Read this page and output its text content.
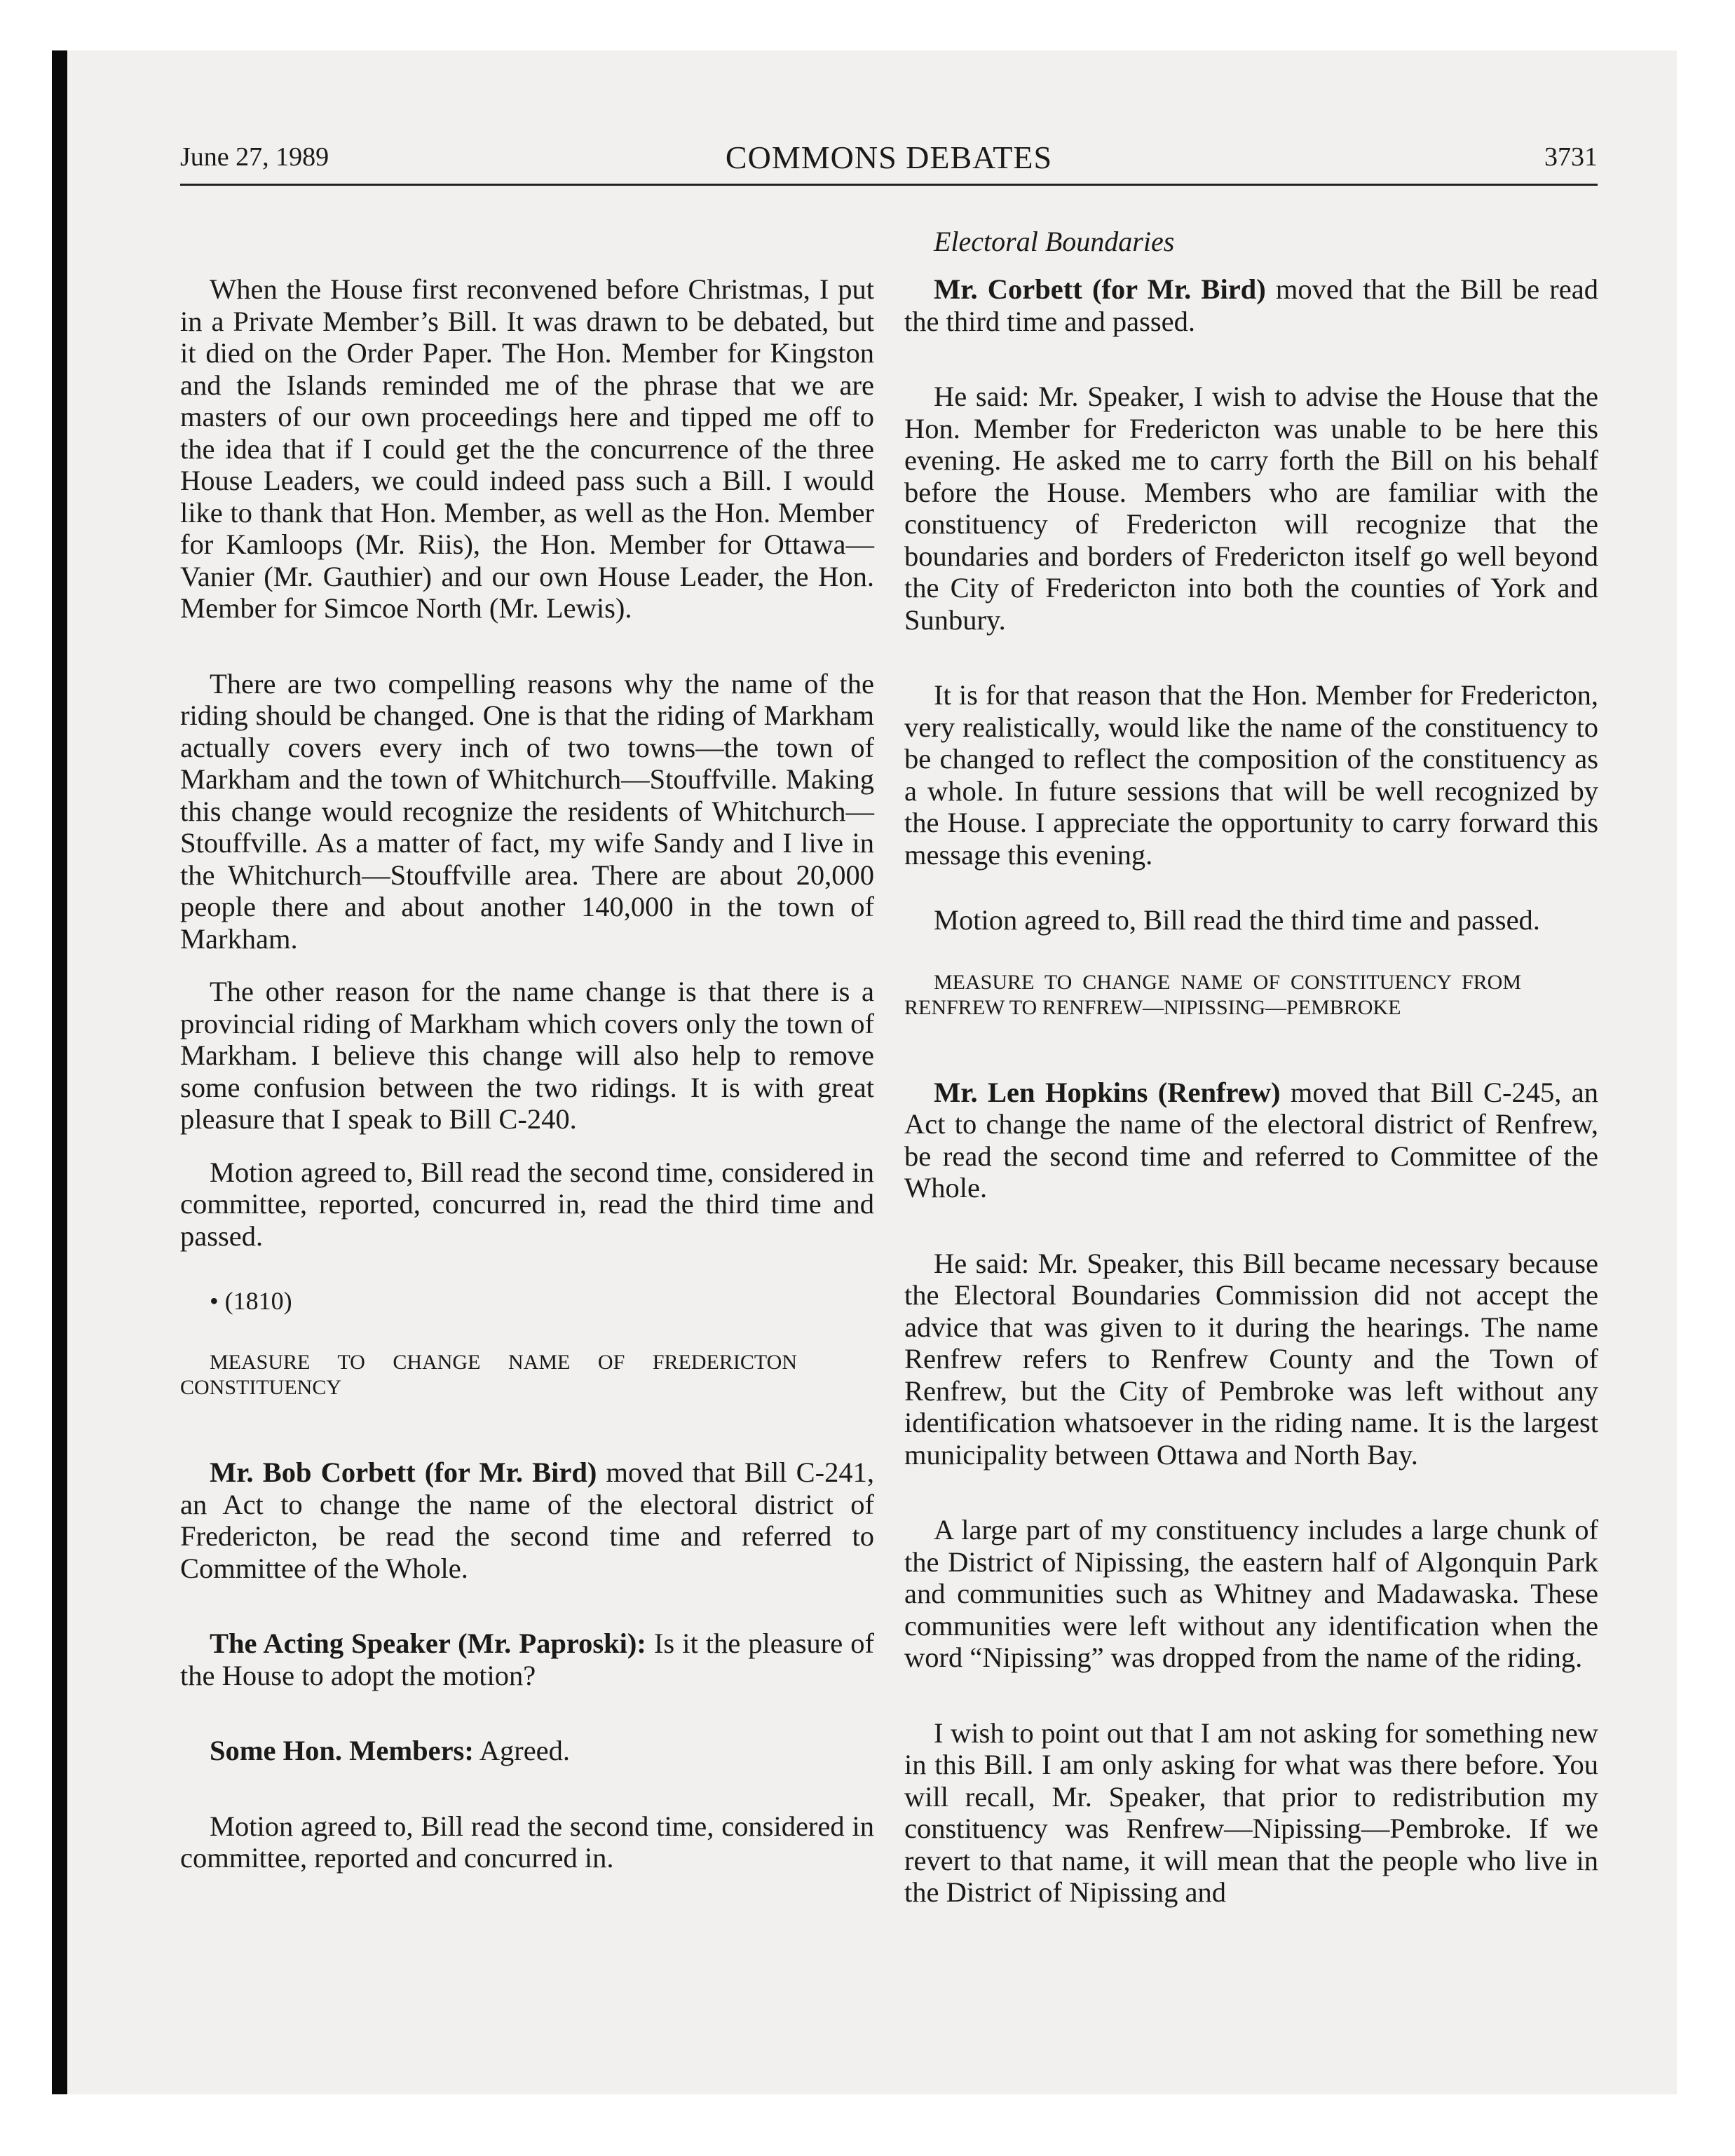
June 27, 1989	COMMONS DEBATES	3731

When the House first reconvened before Christmas, I put in a Private Member’s Bill. It was drawn to be debated, but it died on the Order Paper. The Hon. Member for Kingston and the Islands reminded me of the phrase that we are masters of our own proceedings here and tipped me off to the idea that if I could get the the concurrence of the three House Leaders, we could indeed pass such a Bill. I would like to thank that Hon. Member, as well as the Hon. Member for Kamloops (Mr. Riis), the Hon. Member for Ottawa—Vanier (Mr. Gauthier) and our own House Leader, the Hon. Member for Simcoe North (Mr. Lewis).

There are two compelling reasons why the name of the riding should be changed. One is that the riding of Markham actually covers every inch of two towns—the town of Markham and the town of Whitchurch—Stouffville. Making this change would recognize the residents of Whitchurch—Stouffville. As a matter of fact, my wife Sandy and I live in the Whitchurch—Stouffville area. There are about 20,000 people there and about another 140,000 in the town of Markham.

The other reason for the name change is that there is a provincial riding of Markham which covers only the town of Markham. I believe this change will also help to remove some confusion between the two ridings. It is with great pleasure that I speak to Bill C-240.

Motion agreed to, Bill read the second time, considered in committee, reported, concurred in, read the third time and passed.

• (1810)

MEASURE TO CHANGE NAME OF FREDERICTON CONSTITUENCY

Mr. Bob Corbett (for Mr. Bird) moved that Bill C-241, an Act to change the name of the electoral district of Fredericton, be read the second time and referred to Committee of the Whole.

The Acting Speaker (Mr. Paproski): Is it the pleasure of the House to adopt the motion?

Some Hon. Members: Agreed.

Motion agreed to, Bill read the second time, considered in committee, reported and concurred in.

Electoral Boundaries

Mr. Corbett (for Mr. Bird) moved that the Bill be read the third time and passed.

He said: Mr. Speaker, I wish to advise the House that the Hon. Member for Fredericton was unable to be here this evening. He asked me to carry forth the Bill on his behalf before the House. Members who are familiar with the constituency of Fredericton will recognize that the boundaries and borders of Fredericton itself go well beyond the City of Fredericton into both the counties of York and Sunbury.

It is for that reason that the Hon. Member for Fredericton, very realistically, would like the name of the constituency to be changed to reflect the composition of the constituency as a whole. In future sessions that will be well recognized by the House. I appreciate the opportunity to carry forward this message this evening.

Motion agreed to, Bill read the third time and passed.

MEASURE TO CHANGE NAME OF CONSTITUENCY FROM RENFREW TO RENFREW—NIPISSING—PEMBROKE

Mr. Len Hopkins (Renfrew) moved that Bill C-245, an Act to change the name of the electoral district of Renfrew, be read the second time and referred to Committee of the Whole.

He said: Mr. Speaker, this Bill became necessary because the Electoral Boundaries Commission did not accept the advice that was given to it during the hearings. The name Renfrew refers to Renfrew County and the Town of Renfrew, but the City of Pembroke was left without any identification whatsoever in the riding name. It is the largest municipality between Ottawa and North Bay.

A large part of my constituency includes a large chunk of the District of Nipissing, the eastern half of Algonquin Park and communities such as Whitney and Madawaska. These communities were left without any identification when the word “Nipissing” was dropped from the name of the riding.

I wish to point out that I am not asking for something new in this Bill. I am only asking for what was there before. You will recall, Mr. Speaker, that prior to redistribution my constituency was Renfrew—Nipissing—Pembroke. If we revert to that name, it will mean that the people who live in the District of Nipissing and
